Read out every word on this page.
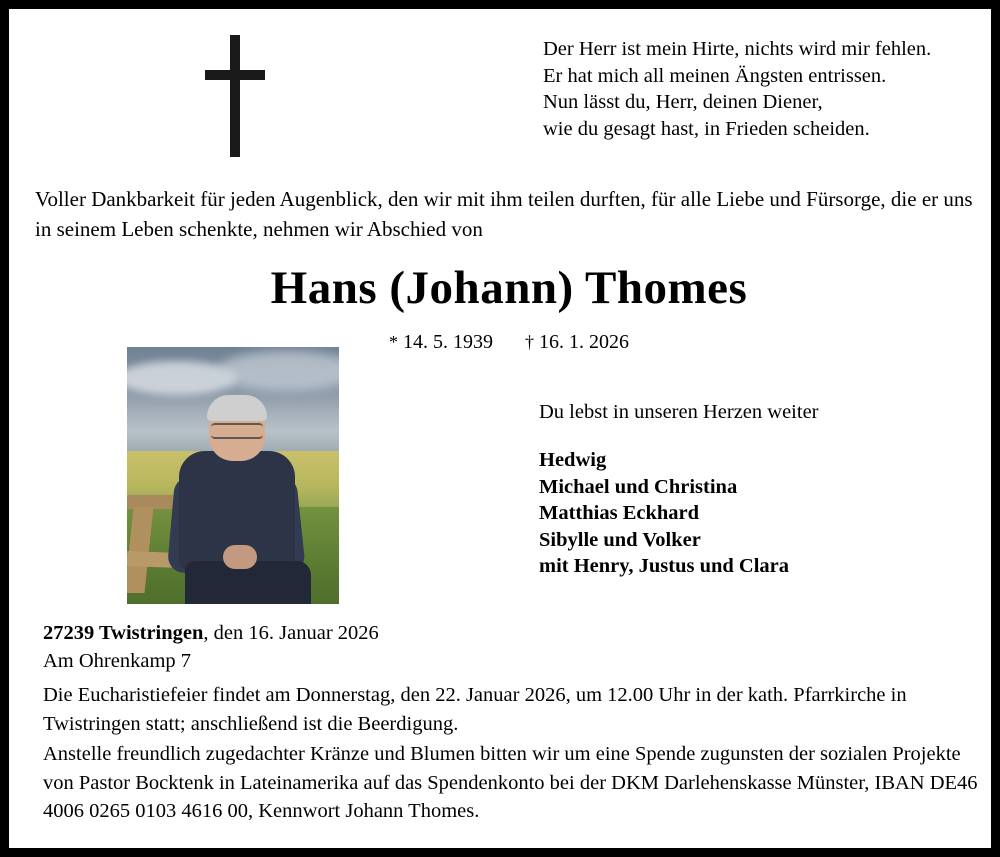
Der Herr ist mein Hirte, nichts wird mir fehlen.
Er hat mich all meinen Ängsten entrissen.
Nun lässt du, Herr, deinen Diener,
wie du gesagt hast, in Frieden scheiden.
Voller Dankbarkeit für jeden Augenblick, den wir mit ihm teilen durften, für alle Liebe und Fürsorge, die er uns in seinem Leben schenkte, nehmen wir Abschied von
Hans (Johann) Thomes
* 14. 5. 1939 † 16. 1. 2026
Du lebst in unseren Herzen weiter
Hedwig
Michael und Christina
Matthias Eckhard
Sibylle und Volker
mit Henry, Justus und Clara
27239 Twistringen, den 16. Januar 2026
Am Ohrenkamp 7

Die Eucharistiefeier findet am Donnerstag, den 22. Januar 2026, um 12.00 Uhr in der kath. Pfarrkirche in Twistringen statt; anschließend ist die Beerdigung.

Anstelle freundlich zugedachter Kränze und Blumen bitten wir um eine Spende zugunsten der sozialen Projekte von Pastor Bocktenk in Lateinamerika auf das Spendenkonto bei der DKM Darlehenskasse Münster, IBAN DE46 4006 0265 0103 4616 00, Kennwort Johann Thomes.
